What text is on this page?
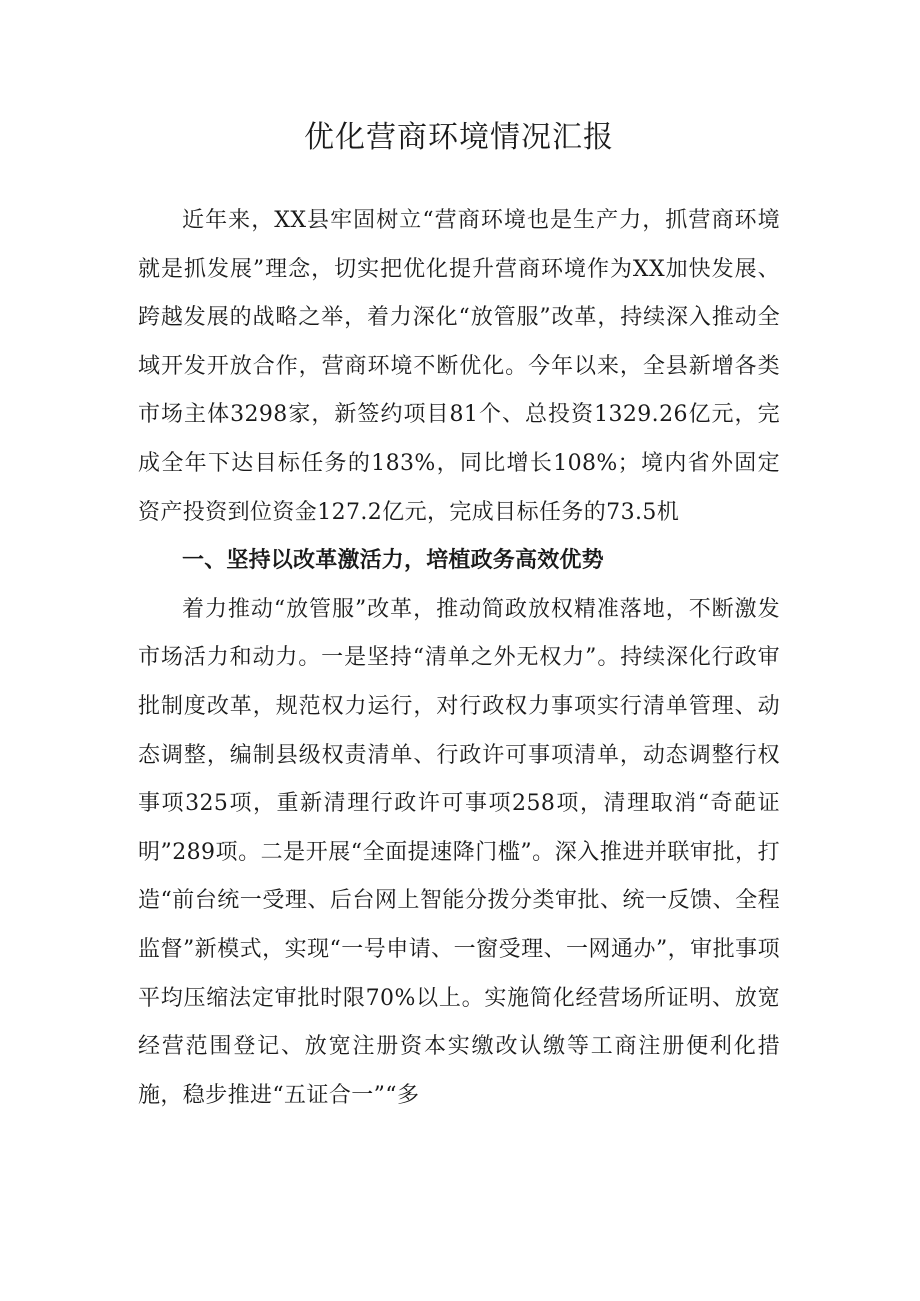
优化营商环境情况汇报

近年来，XX县牢固树立“营商环境也是生产力，抓营商环境就是抓发展”理念，切实把优化提升营商环境作为XX加快发展、跨越发展的战略之举，着力深化“放管服”改革，持续深入推动全域开发开放合作，营商环境不断优化。今年以来，全县新增各类市场主体3298家，新签约项目81个、总投资1329.26亿元，完成全年下达目标任务的183%，同比增长108%；境内省外固定资产投资到位资金127.2亿元，完成目标任务的73.5机

一、坚持以改革激活力，培植政务高效优势

着力推动“放管服”改革，推动简政放权精准落地，不断激发市场活力和动力。一是坚持“清单之外无权力”。持续深化行政审批制度改革，规范权力运行，对行政权力事项实行清单管理、动态调整，编制县级权责清单、行政许可事项清单，动态调整行权事项325项，重新清理行政许可事项258项，清理取消“奇葩证明”289项。二是开展“全面提速降门槛”。深入推进并联审批，打造“前台统一受理、后台网上智能分拨分类审批、统一反馈、全程监督”新模式，实现“一号申请、一窗受理、一网通办”，审批事项平均压缩法定审批时限70%以上。实施简化经营场所证明、放宽经营范围登记、放宽注册资本实缴改认缴等工商注册便利化措施，稳步推进“五证合一”“多
